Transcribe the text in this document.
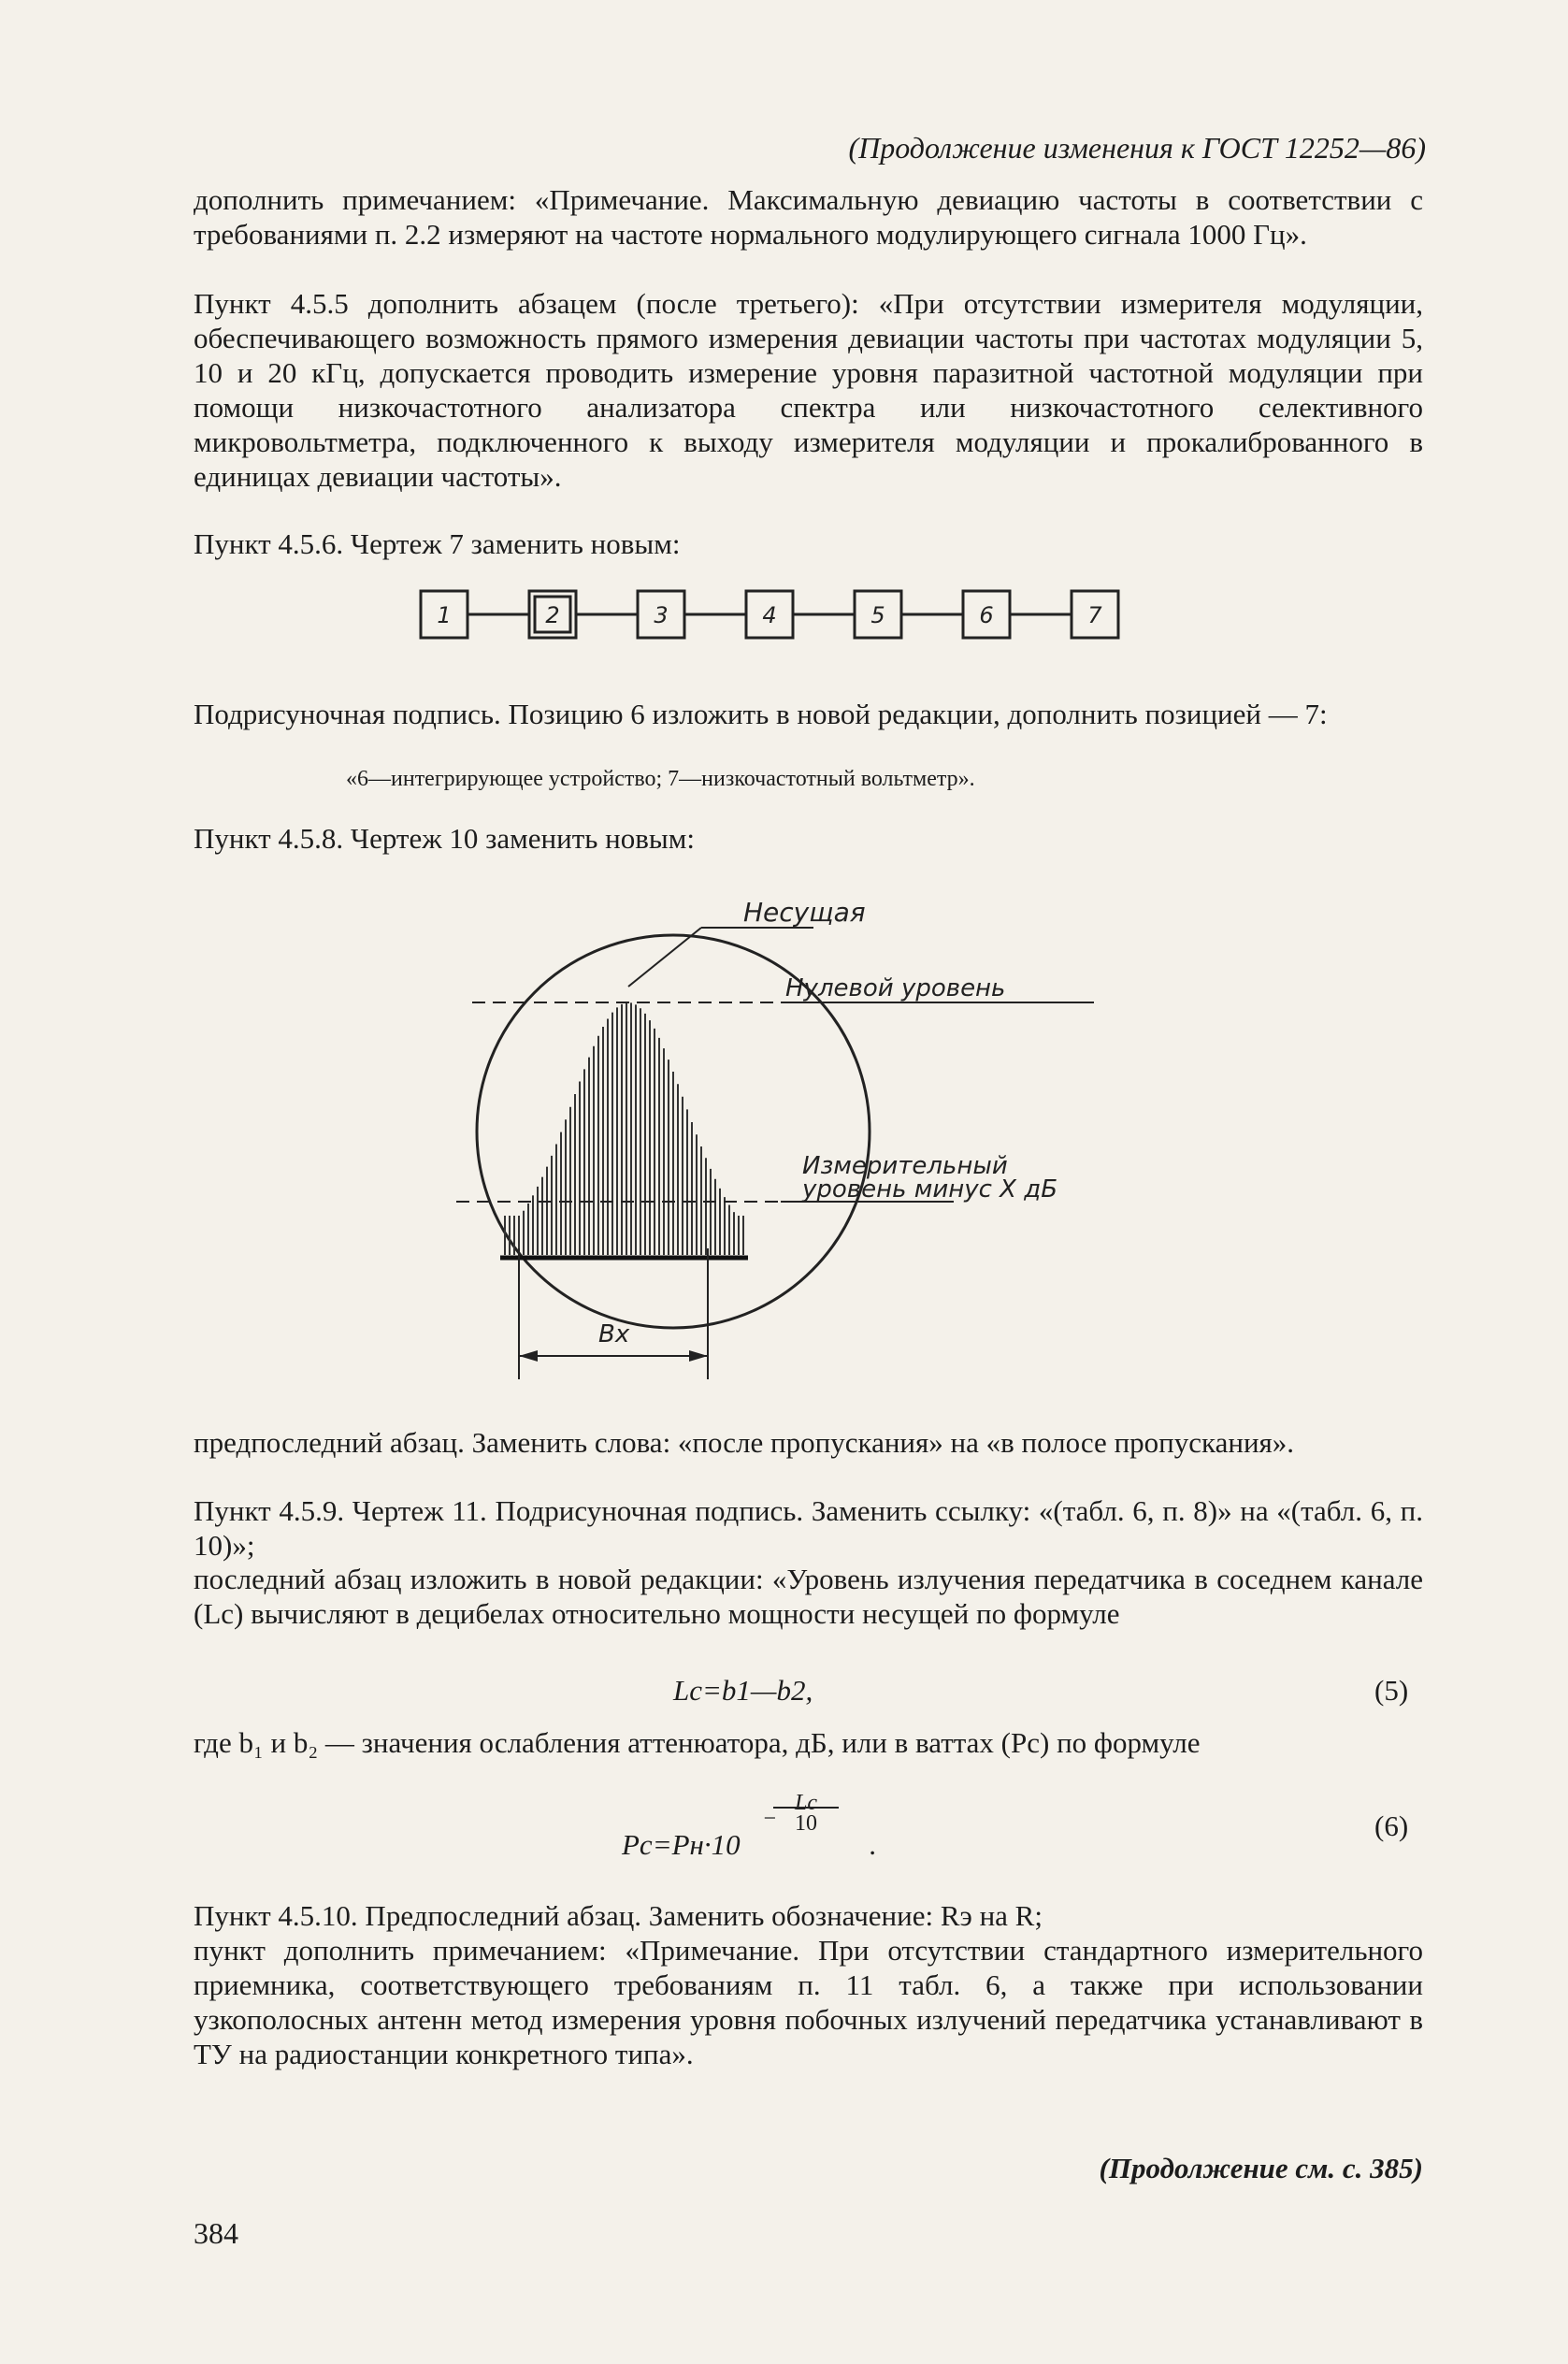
(Продолжение изменения к ГОСТ 12252—86)
дополнить примечанием: «Примечание. Максимальную девиацию частоты в соответствии с требованиями п. 2.2 измеряют на частоте нормального модулирующего сигнала 1000 Гц».
Пункт 4.5.5 дополнить абзацем (после третьего): «При отсутствии измерителя модуляции, обеспечивающего возможность прямого измерения девиации частоты при частотах модуляции 5, 10 и 20 кГц, допускается проводить измерение уровня паразитной частотной модуляции при помощи низкочастотного анализатора спектра или низкочастотного селективного микровольтметра, подключенного к выходу измерителя модуляции и прокалиброванного в единицах девиации частоты».
Пункт 4.5.6. Чертеж 7 заменить новым:
1	2	3	4	5	6	7
Подрисуночная подпись. Позицию 6 изложить в новой редакции, дополнить позицией — 7:
«6—интегрирующее устройство; 7—низкочастотный вольтметр».
Пункт 4.5.8. Чертеж 10 заменить новым:
Несущая
Нулевой уровень
Измерительный
уровень минус X дБ
Bx
предпоследний абзац. Заменить слова: «после пропускания» на «в полосе пропускания».
Пункт 4.5.9. Чертеж 11. Подрисуночная подпись. Заменить ссылку: «(табл. 6, п. 8)» на «(табл. 6, п. 10)»;
последний абзац изложить в новой редакции: «Уровень излучения передатчика в соседнем канале (Lc) вычисляют в децибелах относительно мощности несущей по формуле
Lc=b1—b2,	(5)
где b₁ и b₂ — значения ослабления аттенюатора, дБ, или в ваттах (Pc) по формуле
Pc=Pн·10
Lc
− 10
.
(6)
Пункт 4.5.10. Предпоследний абзац. Заменить обозначение: Rэ на R;
пункт дополнить примечанием: «Примечание. При отсутствии стандартного измерительного приемника, соответствующего требованиям п. 11 табл. 6, а также при использовании узкополосных антенн метод измерения уровня побочных излучений передатчика устанавливают в ТУ на радиостанции конкретного типа».
(Продолжение см. с. 385)
384
